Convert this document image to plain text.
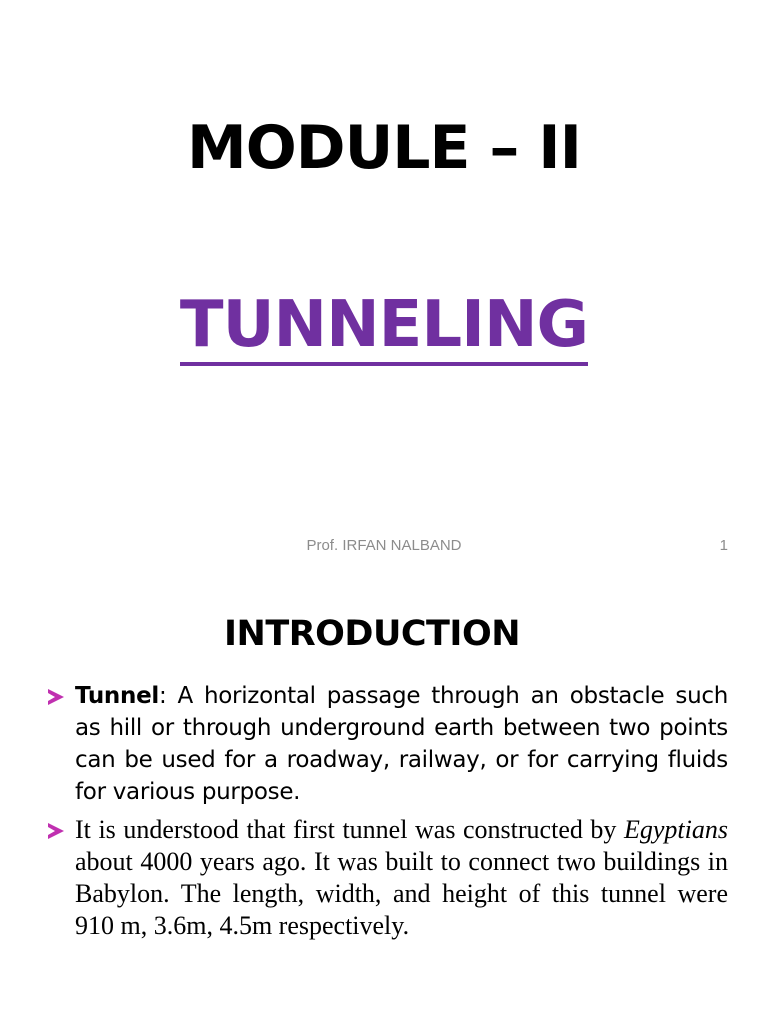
MODULE – II
TUNNELING
Prof. IRFAN NALBAND	1
INTRODUCTION
Tunnel: A horizontal passage through an obstacle such as hill or through underground earth between two points can be used for a roadway, railway, or for carrying fluids for various purpose.
It is understood that first tunnel was constructed by Egyptians about 4000 years ago. It was built to connect two buildings in Babylon. The length, width, and height of this tunnel were 910 m, 3.6m, 4.5m respectively.
